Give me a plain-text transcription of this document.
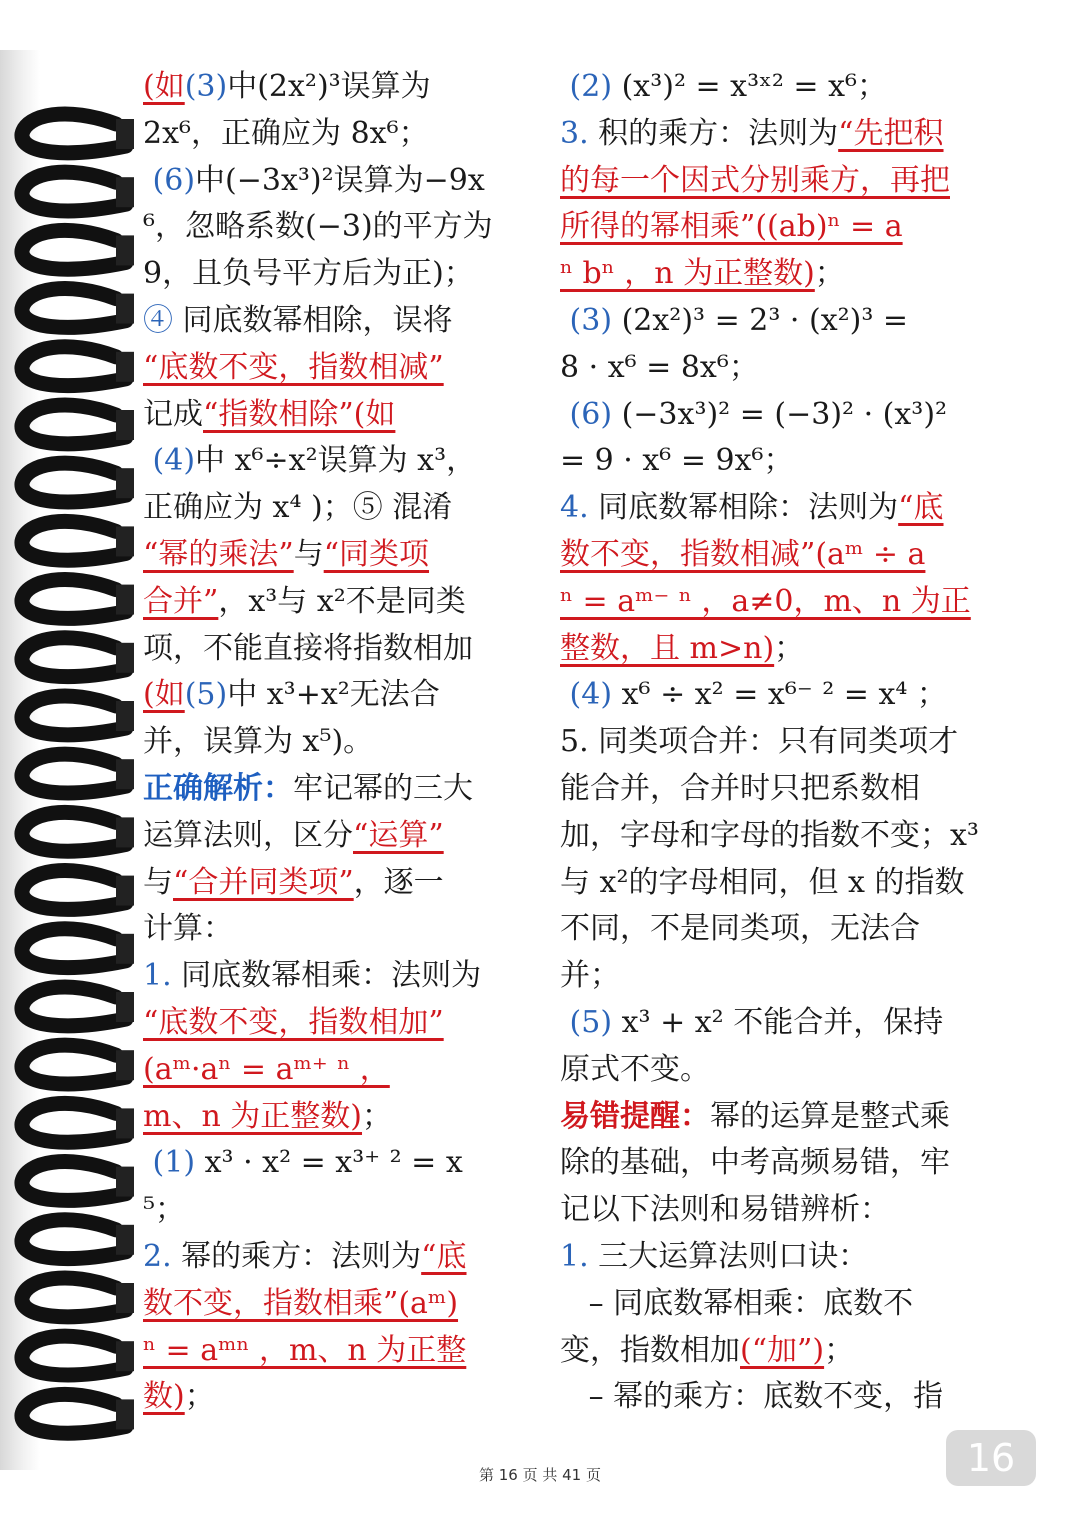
(如(3)中(2x²)³误算为
2x⁶，正确应为 8x⁶；
(6)中(−3x³)²误算为−9x
⁶，忽略系数(−3)的平方为
9，且负号平方后为正)；
④ 同底数幂相除，误将
“底数不变，指数相减”
记成“指数相除”(如
(4)中 x⁶÷x²误算为 x³，
正确应为 x⁴ )；⑤ 混淆
“幂的乘法”与“同类项
合并”，x³与 x²不是同类
项，不能直接将指数相加
(如(5)中 x³+x²无法合
并，误算为 x⁵)。
正确解析：牢记幂的三大
运算法则，区分“运算”
与“合并同类项”，逐一
计算：
1. 同底数幂相乘：法则为
“底数不变，指数相加”
(aᵐ·aⁿ = aᵐ⁺ ⁿ ，
m、n 为正整数)；
(1) x³ · x² = x³⁺ ² = x
⁵；
2. 幂的乘方：法则为“底
数不变，指数相乘”(aᵐ)
ⁿ = aᵐⁿ ，m、n 为正整
数)；
(2) (x³)² = x³ˣ² = x⁶；
3. 积的乘方：法则为“先把积
的每一个因式分别乘方，再把
所得的幂相乘”((ab)ⁿ = a
ⁿ bⁿ ，n 为正整数)；
(3) (2x²)³ = 2³ · (x²)³ =
8 · x⁶ = 8x⁶；
(6) (−3x³)² = (−3)² · (x³)²
= 9 · x⁶ = 9x⁶；
4. 同底数幂相除：法则为“底
数不变，指数相减”(aᵐ ÷ a
ⁿ = aᵐ⁻ ⁿ ，a≠0，m、n 为正
整数，且 m>n)；
(4) x⁶ ÷ x² = x⁶⁻ ² = x⁴ ；
5. 同类项合并：只有同类项才
能合并，合并时只把系数相
加，字母和字母的指数不变；x³
与 x²的字母相同，但 x 的指数
不同，不是同类项，无法合
并；
(5) x³ + x² 不能合并，保持
原式不变。
易错提醒：幂的运算是整式乘
除的基础，中考高频易错，牢
记以下法则和易错辨析：
1. 三大运算法则口诀：
– 同底数幂相乘：底数不
变，指数相加(“加”)；
– 幂的乘方：底数不变，指
第 16 页 共 41 页	16
